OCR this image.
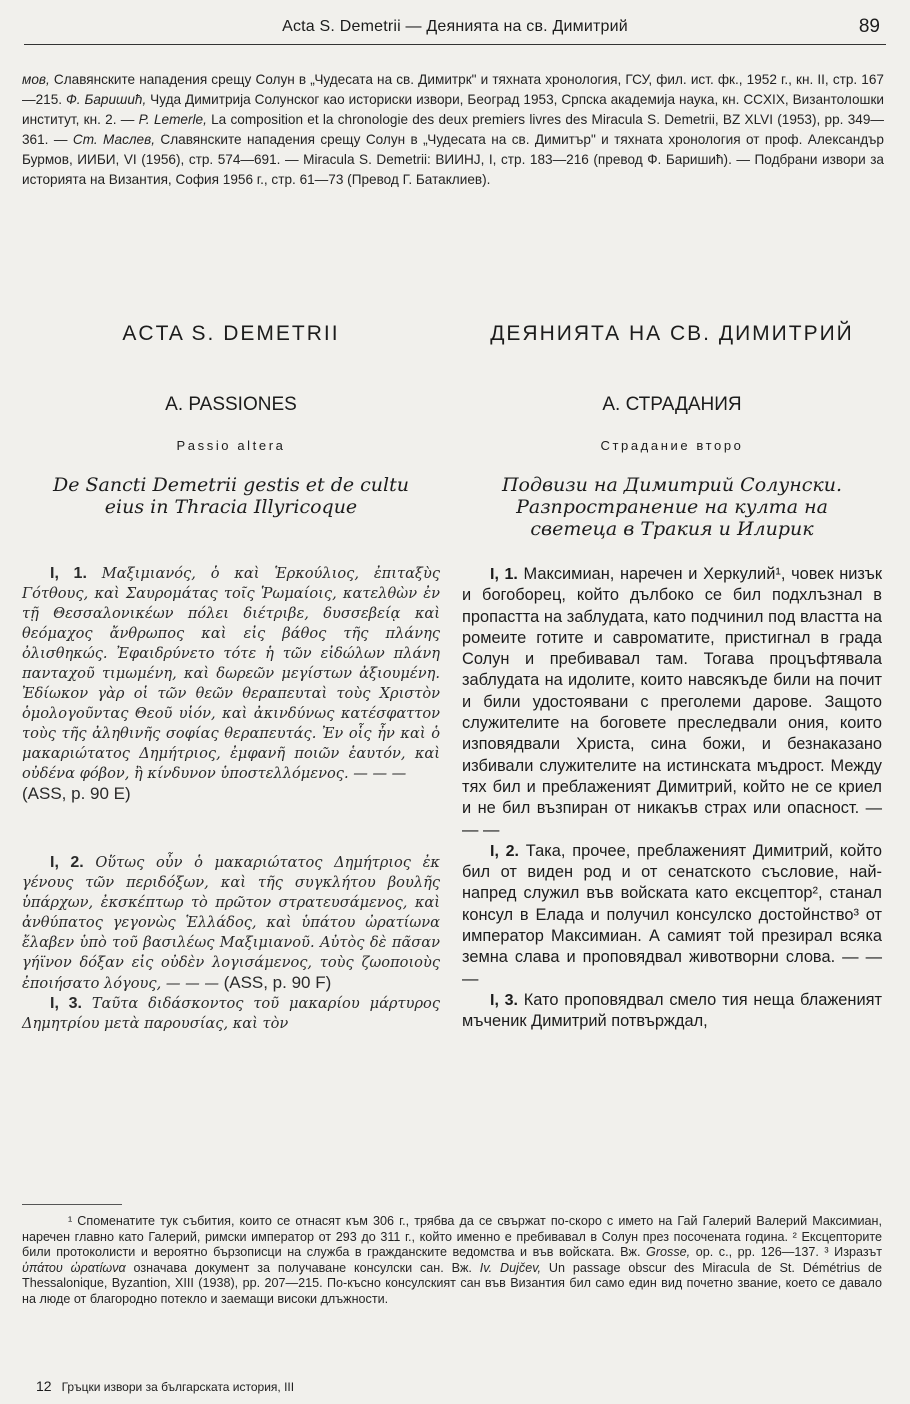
Acta S. Demetrii — Деянията на св. Димитрий	89
мов, Славянските нападения срещу Солун в „Чудесата на св. Димитрк" и тяхната хронология, ГСУ, фил. ист. фк., 1952 г., кн. II, стр. 167—215. Ф. Баришић, Чуда Димитрија Солунског као историски извори, Београд 1953, Српска академија наука, кн. CCXIX, Византолошки институт, кн. 2. — P. Lemerle, La composition et la chronologie des deux premiers livres des Miracula S. Demetrii, BZ XLVI (1953), pp. 349—361. — Ст. Маслев, Славянските нападения срещу Солун в „Чудесата на св. Димитър" и тяхната хронология от проф. Александър Бурмов, ИИБИ, VI (1956), стр. 574—691. — Miracula S. Demetrii: ВИИНЈ, I, стр. 183—216 (превод Ф. Баришић). — Подбрани извори за историята на Византия, София 1956 г., стр. 61—73 (Превод Г. Батаклиев).
ACTA S. DEMETRII
A. PASSIONES
Passio altera
De Sancti Demetrii gestis et de cultu eius in Thracia Illyricoque

I, 1. Μαξιμιανός, ὁ καὶ Ἑρκούλιος, ἐπιταξὺς Γότθους, καὶ Σαυρομάτας τοῖς Ῥωμαίοις, κατελθὼν ἐν τῇ Θεσσαλονικέων πόλει διέτριβε, δυσσεβείᾳ καὶ θεόμαχος ἄνθρωπος καὶ εἰς βάθος τῆς πλάνης ὀλισθηκώς. Ἐφαιδρύνετο τότε ἡ τῶν εἰδώλων πλάνη πανταχοῦ τιμωμένη, καὶ δωρεῶν μεγίστων ἀξιουμένη. Ἐδίωκον γὰρ οἱ τῶν θεῶν θεραπευταὶ τοὺς Χριστὸν ὁμολογοῦντας Θεοῦ υἱόν, καὶ ἀκινδύνως κατέσφαττον τοὺς τῆς ἀληθινῆς σοφίας θεραπευτάς. Ἐν οἷς ἦν καὶ ὁ μακαριώτατος Δημήτριος, ἐμφανῆ ποιῶν ἑαυτόν, καὶ οὐδένα φόβον, ἢ κίνδυνον ὑποστελλόμενος. — — —
(ASS, p. 90 E)

I, 2. Οὕτως οὖν ὁ μακαριώτατος Δημήτριος ἐκ γένους τῶν περιδόξων, καὶ τῆς συγκλήτου βουλῆς ὑπάρχων, ἐκσκέπτωρ τὸ πρῶτον στρατευσάμενος, καὶ ἀνθύπατος γεγονὼς Ἑλλάδος, καὶ ὑπάτου ὠρατίωνα ἔλαβεν ὑπὸ τοῦ βασιλέως Μαξιμιανοῦ. Αὐτὸς δὲ πᾶσαν γήϊνον δόξαν εἰς οὐδὲν λογισάμενος, τοὺς ζωοποιοὺς ἐποιήσατο λόγους, — — — (ASS, p. 90 F)

I, 3. Ταῦτα διδάσκοντος τοῦ μακαρίου μάρτυρος Δημητρίου μετὰ παρουσίας, καὶ τὸν

ДЕЯНИЯТА НА СВ. ДИМИТРИЙ
А. СТРАДАНИЯ
Страдание второ
Подвизи на Димитрий Солунски. Разпространение на култа на светеца в Тракия и Илирик

I, 1. Максимиан, наречен и Херкулий¹, човек низък и богоборец, който дълбоко се бил подхлъзнал в пропастта на заблудата, като подчинил под властта на ромеите готите и савроматите, пристигнал в града Солун и пребивавал там. Тогава процъфтявала заблудата на идолите, които навсякъде били на почит и били удостоявани с преголеми дарове. Защото служителите на боговете преследвали ония, които изповядвали Христа, сина божи, и безнаказано избивали служителите на истинската мъдрост. Между тях бил и преблаженият Димитрий, който не се криел и не бил възпиран от никакъв страх или опасност. — — —

I, 2. Така, прочее, преблаженият Димитрий, който бил от виден род и от сенатското съсловие, най-напред служил във войската като ексцептор², станал консул в Елада и получил консулско достойнство³ от император Максимиан. А самият той презирал всяка земна слава и проповядвал животворни слова. — — —

I, 3. Като проповядвал смело тия неща блаженият мъченик Димитрий потвърждал,

¹ Споменатите тук събития, които се отнасят към 306 г., трябва да се свържат по-скоро с името на Гай Галерий Валерий Максимиан, наречен главно като Галерий, римски император от 293 до 311 г., който именно е пребивавал в Солун през посочената година. ² Ексцепторите били протоколисти и вероятно бързописци на служба в гражданските ведомства и във войската. Вж. Grosse, op. c., pp. 126—137. ³ Изразът ὑπάτου ὠρατίωνα означава документ за получаване консулски сан. Вж. Iv. Dujčev, Un passage obscur des Miracula de St. Démétrius de Thessalonique, Byzantion, XIII (1938), pp. 207—215. По-късно консулският сан във Византия бил само един вид почетно звание, което се давало на люде от благородно потекло и заемащи високи длъжности.
12 Гръцки извори за българската история, III
